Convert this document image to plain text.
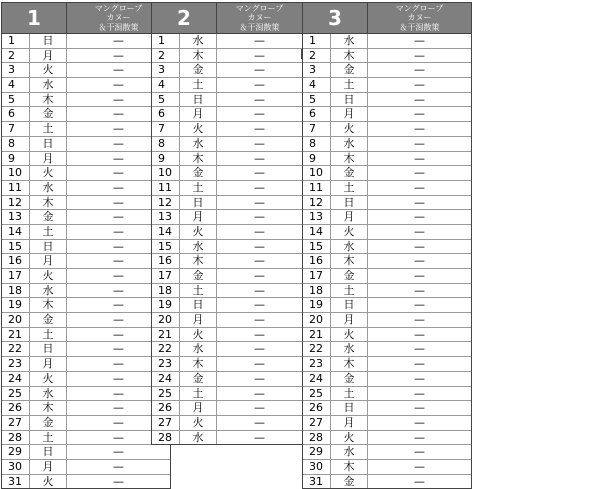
1	マングローブ
カヌー
＆干潟散策
1	日	—
2	月	—
3	火	—
4	水	—
5	木	—
6	金	—
7	土	—
8	日	—
9	月	—
10	火	—
11	水	—
12	木	—
13	金	—
14	土	—
15	日	—
16	月	—
17	火	—
18	水	—
19	木	—
20	金	—
21	土	—
22	日	—
23	月	—
24	火	—
25	水	—
26	木	—
27	金	—
28	土	—
29	日	—
30	月	—
31	火	—
2	マングローブ
カヌー
＆干潟散策
1	水	—
2	木	—
3	金	—
4	土	—
5	日	—
6	月	—
7	火	—
8	水	—
9	木	—
10	金	—
11	土	—
12	日	—
13	月	—
14	火	—
15	水	—
16	木	—
17	金	—
18	土	—
19	日	—
20	月	—
21	火	—
22	水	—
23	木	—
24	金	—
25	土	—
26	月	—
27	火	—
28	水	—
3	マングローブ
カヌー
＆干潟散策
1	水	—
2	木	—
3	金	—
4	土	—
5	日	—
6	月	—
7	火	—
8	水	—
9	木	—
10	金	—
11	土	—
12	日	—
13	月	—
14	火	—
15	水	—
16	木	—
17	金	—
18	土	—
19	日	—
20	月	—
21	火	—
22	水	—
23	木	—
24	金	—
25	土	—
26	日	—
27	月	—
28	火	—
29	水	—
30	木	—
31	金	—
